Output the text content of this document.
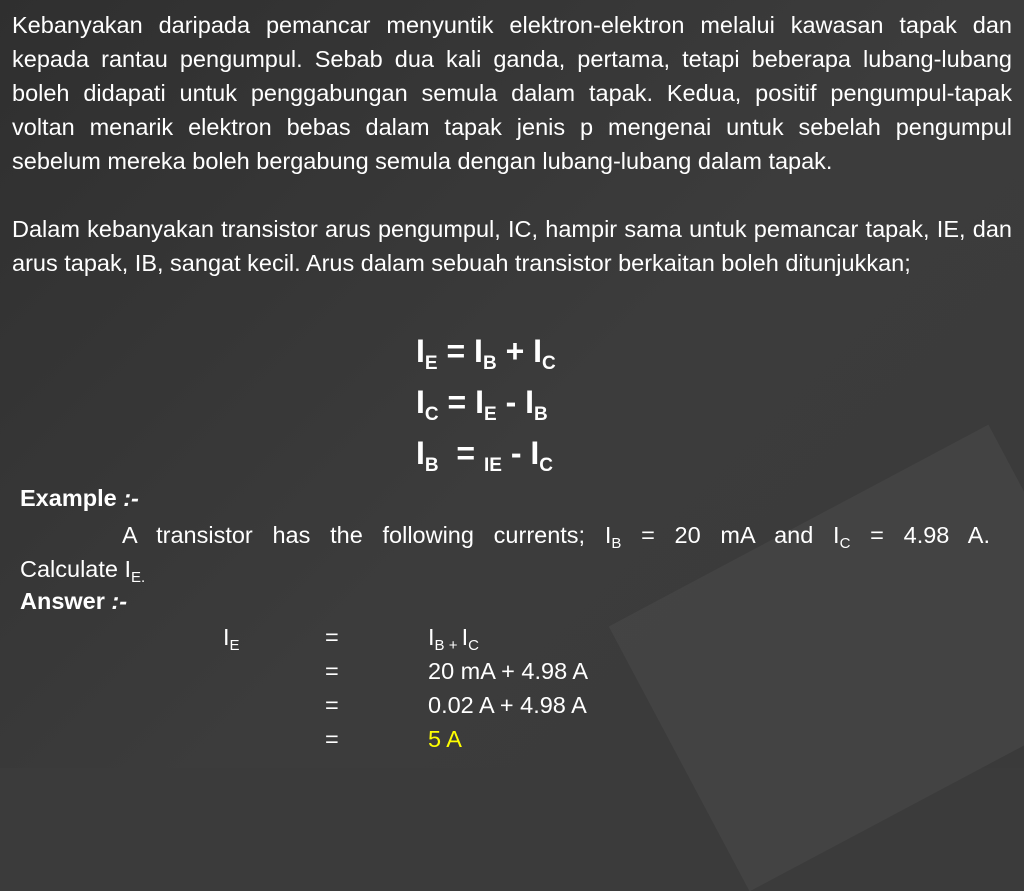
Kebanyakan daripada pemancar menyuntik elektron-elektron melalui kawasan tapak dan kepada rantau pengumpul. Sebab dua kali ganda, pertama, tetapi beberapa lubang-lubang boleh didapati untuk penggabungan semula dalam tapak. Kedua, positif pengumpul-tapak voltan menarik elektron bebas dalam tapak jenis p mengenai untuk sebelah pengumpul sebelum mereka boleh bergabung semula dengan lubang-lubang dalam tapak.

Dalam kebanyakan transistor arus pengumpul, IC, hampir sama untuk pemancar tapak, IE, dan arus tapak, IB, sangat kecil. Arus dalam sebuah transistor berkaitan boleh ditunjukkan;

$I_E = I_B + I_C$
$I_C = I_E - I_B$
$I_B = _{IE} - I_C$
Example :-
A transistor has the following currents; $I_B = 20$ mA and $I_C = 4.98$ A.
Calculate $I_{E.}$
Answer :-
$I_E$	=
=
=
=
$I_{B +}$ $I_C$
20 mA + 4.98 A
0.02 A + 4.98 A
5 A
